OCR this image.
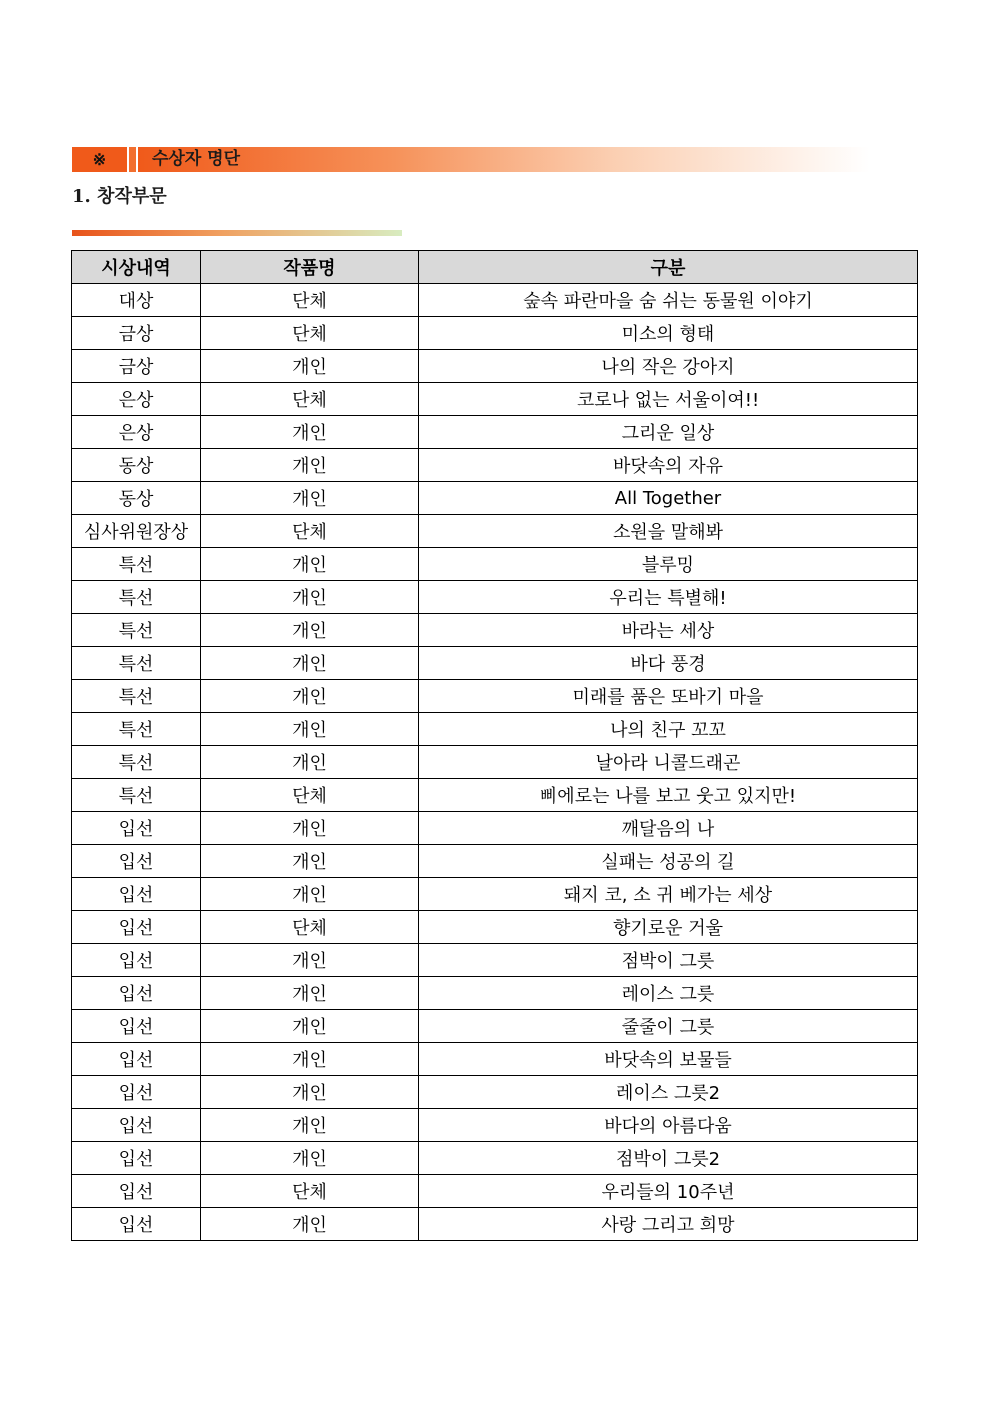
※	수상자 명단
1. 창작부문
시상내역	작품명	구분
대상	단체	숲속 파란마을 숨 쉬는 동물원 이야기
금상	단체	미소의 형태
금상	개인	나의 작은 강아지
은상	단체	코로나 없는 서울이여!!
은상	개인	그리운 일상
동상	개인	바닷속의 자유
동상	개인	All Together
심사위원장상	단체	소원을 말해봐
특선	개인	블루밍
특선	개인	우리는 특별해!
특선	개인	바라는 세상
특선	개인	바다 풍경
특선	개인	미래를 품은 또바기 마을
특선	개인	나의 친구 꼬꼬
특선	개인	날아라 니콜드래곤
특선	단체	삐에로는 나를 보고 웃고 있지만!
입선	개인	깨달음의 나
입선	개인	실패는 성공의 길
입선	개인	돼지 코, 소 귀 베가는 세상
입선	단체	향기로운 거울
입선	개인	점박이 그릇
입선	개인	레이스 그릇
입선	개인	줄줄이 그릇
입선	개인	바닷속의 보물들
입선	개인	레이스 그릇2
입선	개인	바다의 아름다움
입선	개인	점박이 그릇2
입선	단체	우리들의 10주년
입선	개인	사랑 그리고 희망
